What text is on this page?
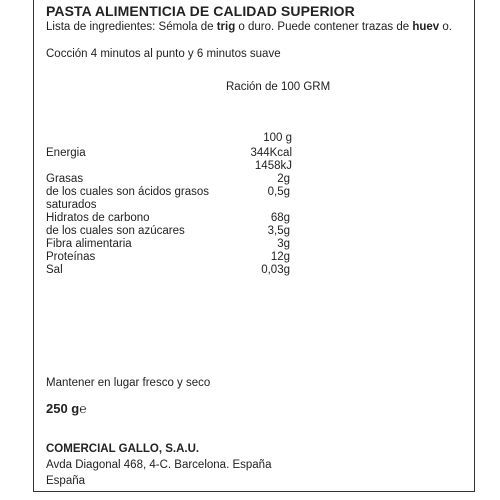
PASTA ALIMENTICIA DE CALIDAD SUPERIOR
Lista de ingredientes: Sémola de trig o duro. Puede contener trazas de huev o.
Cocción 4 minutos al punto y 6 minutos suave
Ración de 100 GRM
100 g
Energia	344Kcal
1458kJ
Grasas	2g
de los cuales son ácidos grasos	0,5g
saturados
Hidratos de carbono	68g
de los cuales son azúcares	3,5g
Fibra alimentaria	3g
Proteínas	12g
Sal	0,03g
Mantener en lugar fresco y seco
250 g℮
COMERCIAL GALLO, S.A.U.
Avda Diagonal 468, 4-C. Barcelona. España
España
